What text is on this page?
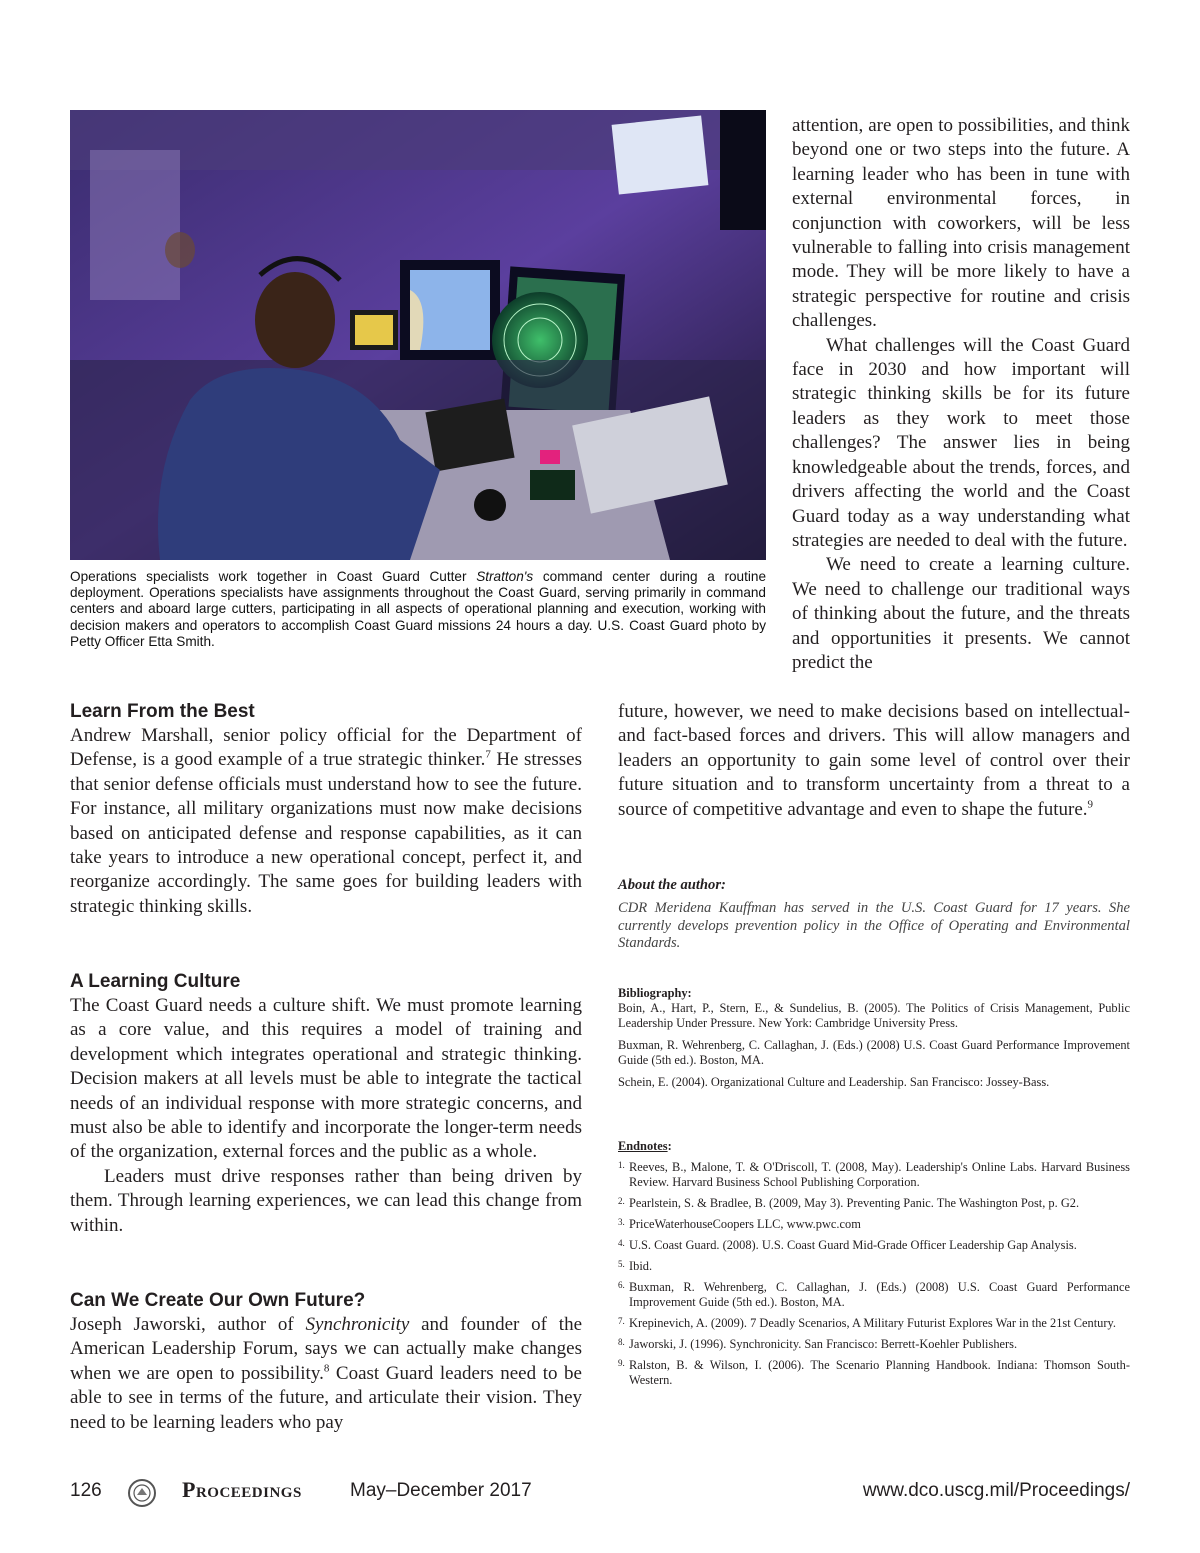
Operations specialists work together in Coast Guard Cutter Stratton's command center during a routine deployment. Operations specialists have assignments throughout the Coast Guard, serving primarily in command centers and aboard large cutters, participating in all aspects of operational planning and execution, working with decision makers and operators to accomplish Coast Guard missions 24 hours a day. U.S. Coast Guard photo by Petty Officer Etta Smith.

attention, are open to possibilities, and think beyond one or two steps into the future. A learning leader who has been in tune with external environmental forces, in conjunction with coworkers, will be less vulnerable to falling into crisis management mode. They will be more likely to have a strategic perspective for routine and crisis challenges.

What challenges will the Coast Guard face in 2030 and how important will strategic thinking skills be for its future leaders as they work to meet those challenges? The answer lies in being knowledgeable about the trends, forces, and drivers affecting the world and the Coast Guard today as a way understanding what strategies are needed to deal with the future.

We need to create a learning culture. We need to challenge our traditional ways of thinking about the future, and the threats and opportunities it presents. We cannot predict the

future, however, we need to make decisions based on intellectual- and fact-based forces and drivers. This will allow managers and leaders an opportunity to gain some level of control over their future situation and to transform uncertainty from a threat to a source of competitive advantage and even to shape the future.$^9$

Learn From the Best

Andrew Marshall, senior policy official for the Department of Defense, is a good example of a true strategic thinker.$^7$ He stresses that senior defense officials must understand how to see the future. For instance, all military organizations must now make decisions based on anticipated defense and response capabilities, as it can take years to introduce a new operational concept, perfect it, and reorganize accordingly. The same goes for building leaders with strategic thinking skills.

A Learning Culture

The Coast Guard needs a culture shift. We must promote learning as a core value, and this requires a model of training and development which integrates operational and strategic thinking. Decision makers at all levels must be able to integrate the tactical needs of an individual response with more strategic concerns, and must also be able to identify and incorporate the longer-term needs of the organization, external forces and the public as a whole.

Leaders must drive responses rather than being driven by them. Through learning experiences, we can lead this change from within.

Can We Create Our Own Future?

Joseph Jaworski, author of Synchronicity and founder of the American Leadership Forum, says we can actually make changes when we are open to possibility.$^8$ Coast Guard leaders need to be able to see in terms of the future, and articulate their vision. They need to be learning leaders who pay

About the author:
CDR Meridena Kauffman has served in the U.S. Coast Guard for 17 years. She currently develops prevention policy in the Office of Operating and Environmental Standards.
Bibliography:
Boin, A., Hart, P., Stern, E., & Sundelius, B. (2005). The Politics of Crisis Management, Public Leadership Under Pressure. New York: Cambridge University Press.
Buxman, R. Wehrenberg, C. Callaghan, J. (Eds.) (2008) U.S. Coast Guard Performance Improvement Guide (5th ed.). Boston, MA.
Schein, E. (2004). Organizational Culture and Leadership. San Francisco: Jossey-Bass.
Endnotes:
1. Reeves, B., Malone, T. & O'Driscoll, T. (2008, May). Leadership's Online Labs. Harvard Business Review. Harvard Business School Publishing Corporation.
2. Pearlstein, S. & Bradlee, B. (2009, May 3). Preventing Panic. The Washington Post, p. G2.
3. PriceWaterhouseCoopers LLC, www.pwc.com
4. U.S. Coast Guard. (2008). U.S. Coast Guard Mid-Grade Officer Leadership Gap Analysis.
5. Ibid.
6. Buxman, R. Wehrenberg, C. Callaghan, J. (Eds.) (2008) U.S. Coast Guard Performance Improvement Guide (5th ed.). Boston, MA.
7. Krepinevich, A. (2009). 7 Deadly Scenarios, A Military Futurist Explores War in the 21st Century.
8. Jaworski, J. (1996). Synchronicity. San Francisco: Berrett-Koehler Publishers.
9. Ralston, B. & Wilson, I. (2006). The Scenario Planning Handbook. Indiana: Thomson South-Western.
126	Proceedings	May–December 2017	www.dco.uscg.mil/Proceedings/
